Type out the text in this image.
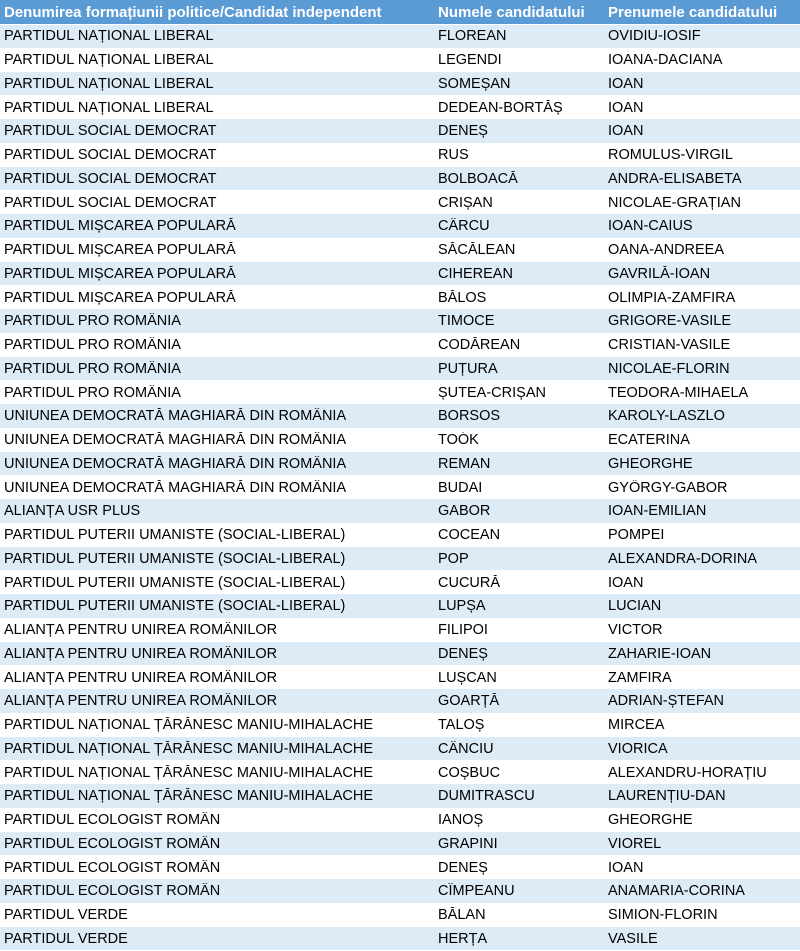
Denumirea formațiunii politice/Candidat independent	Numele candidatului	Prenumele candidatului
PARTIDUL NAȚIONAL LIBERAL	FLOREAN	OVIDIU-IOSIF
PARTIDUL NAȚIONAL LIBERAL	LEGENDI	IOANA-DACIANA
PARTIDUL NAȚIONAL LIBERAL	SOMEȘAN	IOAN
PARTIDUL NAȚIONAL LIBERAL	DEDEAN-BORTĂȘ	IOAN
PARTIDUL SOCIAL DEMOCRAT	DENEȘ	IOAN
PARTIDUL SOCIAL DEMOCRAT	RUS	ROMULUS-VIRGIL
PARTIDUL SOCIAL DEMOCRAT	BOLBOACĂ	ANDRA-ELISABETA
PARTIDUL SOCIAL DEMOCRAT	CRIȘAN	NICOLAE-GRAȚIAN
PARTIDUL MIȘCAREA POPULARĂ	CÂRCU	IOAN-CAIUS
PARTIDUL MIȘCAREA POPULARĂ	SĂCĂLEAN	OANA-ANDREEA
PARTIDUL MIȘCAREA POPULARĂ	CIHEREAN	GAVRILĂ-IOAN
PARTIDUL MIȘCAREA POPULARĂ	BĂLOS	OLIMPIA-ZAMFIRA
PARTIDUL PRO ROMÂNIA	TIMOCE	GRIGORE-VASILE
PARTIDUL PRO ROMÂNIA	CODĂREAN	CRISTIAN-VASILE
PARTIDUL PRO ROMÂNIA	PUȚURA	NICOLAE-FLORIN
PARTIDUL PRO ROMÂNIA	ȘUTEA-CRIȘAN	TEODORA-MIHAELA
UNIUNEA DEMOCRATĂ MAGHIARĂ DIN ROMÂNIA	BORSOS	KAROLY-LASZLO
UNIUNEA DEMOCRATĂ MAGHIARĂ DIN ROMÂNIA	TOÓK	ECATERINA
UNIUNEA DEMOCRATĂ MAGHIARĂ DIN ROMÂNIA	REMAN	GHEORGHE
UNIUNEA DEMOCRATĂ MAGHIARĂ DIN ROMÂNIA	BUDAI	GYŐRGY-GABOR
ALIANȚA USR PLUS	GABOR	IOAN-EMILIAN
PARTIDUL PUTERII UMANISTE (SOCIAL-LIBERAL)	COCEAN	POMPEI
PARTIDUL PUTERII UMANISTE (SOCIAL-LIBERAL)	POP	ALEXANDRA-DORINA
PARTIDUL PUTERII UMANISTE (SOCIAL-LIBERAL)	CUCURĂ	IOAN
PARTIDUL PUTERII UMANISTE (SOCIAL-LIBERAL)	LUPȘA	LUCIAN
ALIANȚA PENTRU UNIREA ROMÂNILOR	FILIPOI	VICTOR
ALIANȚA PENTRU UNIREA ROMÂNILOR	DENEȘ	ZAHARIE-IOAN
ALIANȚA PENTRU UNIREA ROMÂNILOR	LUȘCAN	ZAMFIRA
ALIANȚA PENTRU UNIREA ROMÂNILOR	GOARȚĂ	ADRIAN-ȘTEFAN
PARTIDUL NAȚIONAL ȚĂRĂNESC MANIU-MIHALACHE	TALOȘ	MIRCEA
PARTIDUL NAȚIONAL ȚĂRĂNESC MANIU-MIHALACHE	CÂNCIU	VIORICA
PARTIDUL NAȚIONAL ȚĂRĂNESC MANIU-MIHALACHE	COȘBUC	ALEXANDRU-HORAȚIU
PARTIDUL NAȚIONAL ȚĂRĂNESC MANIU-MIHALACHE	DUMITRASCU	LAURENȚIU-DAN
PARTIDUL ECOLOGIST ROMÂN	IANOȘ	GHEORGHE
PARTIDUL ECOLOGIST ROMÂN	GRAPINI	VIOREL
PARTIDUL ECOLOGIST ROMÂN	DENEȘ	IOAN
PARTIDUL ECOLOGIST ROMÂN	CÎMPEANU	ANAMARIA-CORINA
PARTIDUL VERDE	BĂLAN	SIMION-FLORIN
PARTIDUL VERDE	HERȚA	VASILE
